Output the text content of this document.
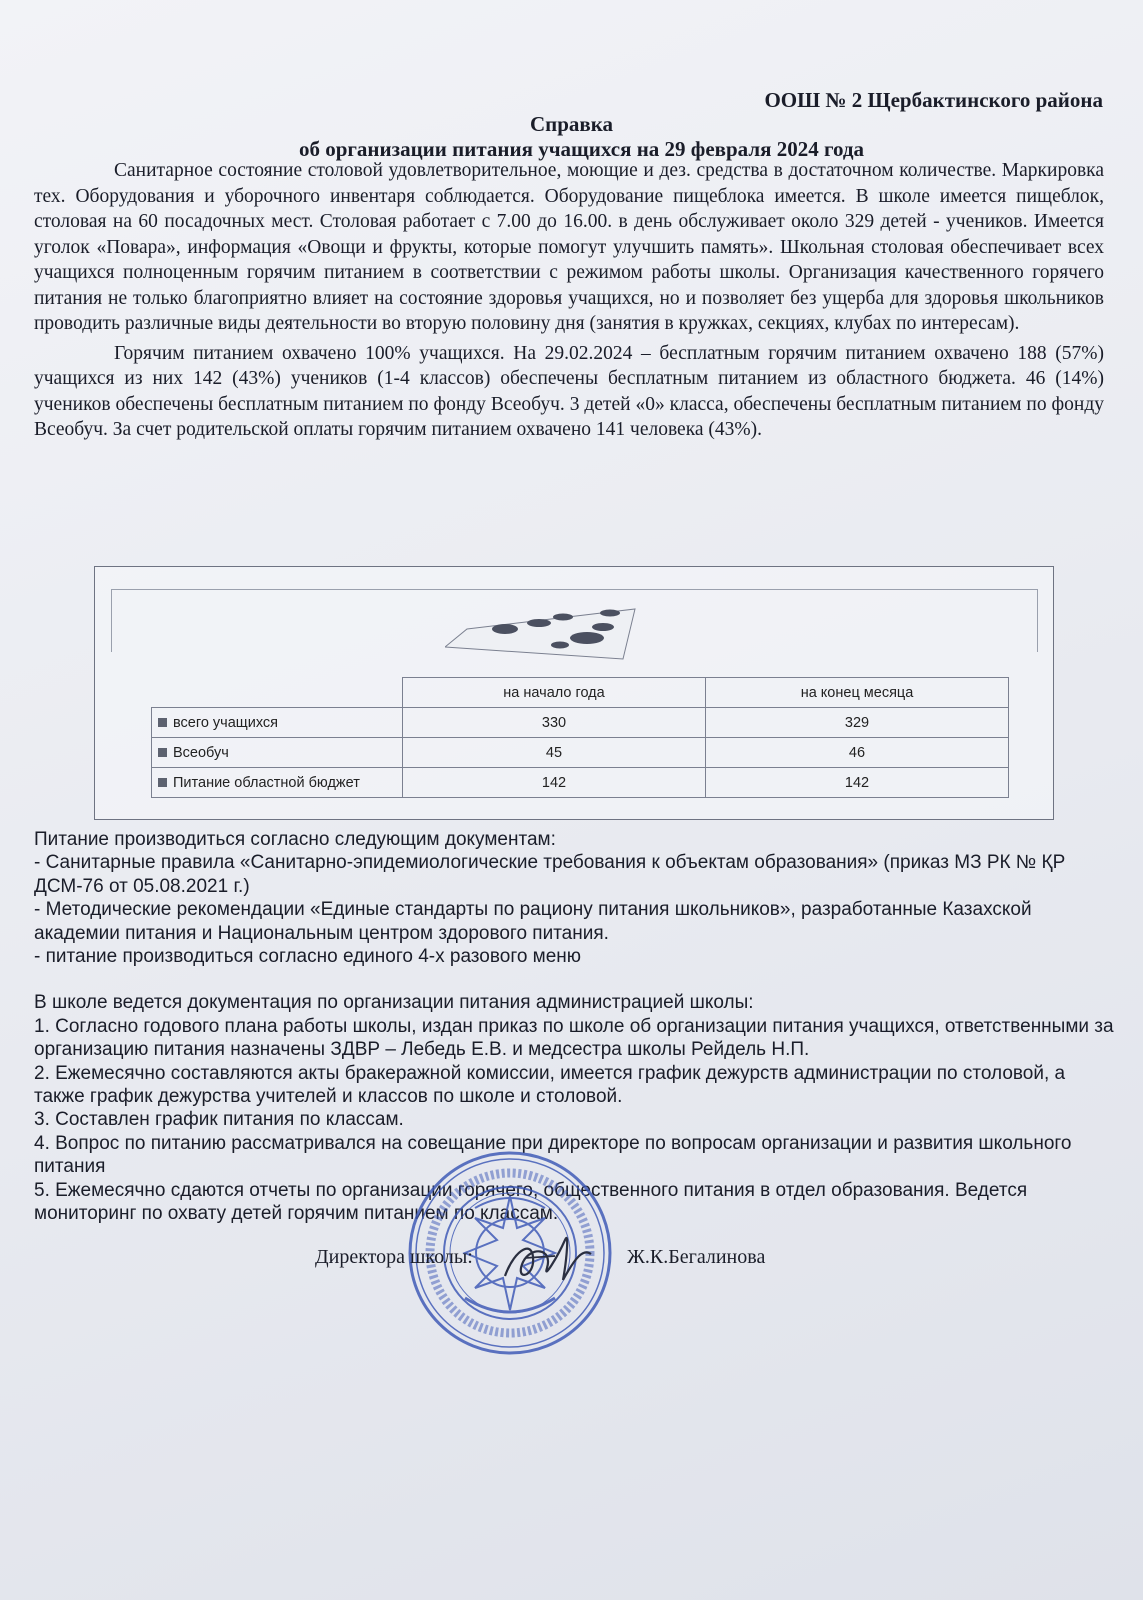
ООШ № 2 Щербактинского района
Справка
об организации питания учащихся на 29 февраля 2024 года

Санитарное состояние столовой удовлетворительное, моющие и дез. средства в достаточном количестве. Маркировка тех. Оборудования и уборочного инвентаря соблюдается. Оборудование пищеблока имеется. В школе имеется пищеблок, столовая на 60 посадочных мест. Столовая работает с 7.00 до 16.00. в день обслуживает около 329 детей - учеников. Имеется уголок «Повара», информация «Овощи и фрукты, которые помогут улучшить память». Школьная столовая обеспечивает всех учащихся полноценным горячим питанием в соответствии с режимом работы школы. Организация качественного горячего питания не только благоприятно влияет на состояние здоровья учащихся, но и позволяет без ущерба для здоровья школьников проводить различные виды деятельности во вторую половину дня (занятия в кружках, секциях, клубах по интересам).

Горячим питанием охвачено 100% учащихся. На 29.02.2024 – бесплатным горячим питанием охвачено 188 (57%) учащихся из них 142 (43%) учеников (1-4 классов) обеспечены бесплатным питанием из областного бюджета. 46 (14%) учеников обеспечены бесплатным питанием по фонду Всеобуч. 3 детей «0» класса, обеспечены бесплатным питанием по фонду Всеобуч. За счет родительской оплаты горячим питанием охвачено 141 человека (43%).

	на начало года	на конец месяца
всего учащихся	330	329
Всеобуч	45	46
Питание областной бюджет	142	142
Питание производиться согласно следующим документам:
- Санитарные правила «Санитарно-эпидемиологические требования к объектам образования» (приказ МЗ РК № ҚР ДСМ-76 от 05.08.2021 г.)
- Методические рекомендации «Единые стандарты по рациону питания школьников», разработанные Казахской академии питания и Национальным центром здорового питания.
- питание производиться согласно единого 4-х разового меню
В школе ведется документация по организации питания администрацией школы:
1. Согласно годового плана работы школы, издан приказ по школе об организации питания учащихся, ответственными за организацию питания назначены ЗДВР – Лебедь Е.В. и медсестра школы Рейдель Н.П.
2. Ежемесячно составляются акты бракеражной комиссии, имеется график дежурств администрации по столовой, а также график дежурства учителей и классов по школе и столовой.
3. Составлен график питания по классам.
4. Вопрос по питанию рассматривался на совещание при директоре по вопросам организации и развития школьного питания
5. Ежемесячно сдаются отчеты по организации горячего, общественного питания в отдел образования. Ведется мониторинг по охвату детей горячим питанием по классам.
Директора школы:	Ж.К.Бегалинова
